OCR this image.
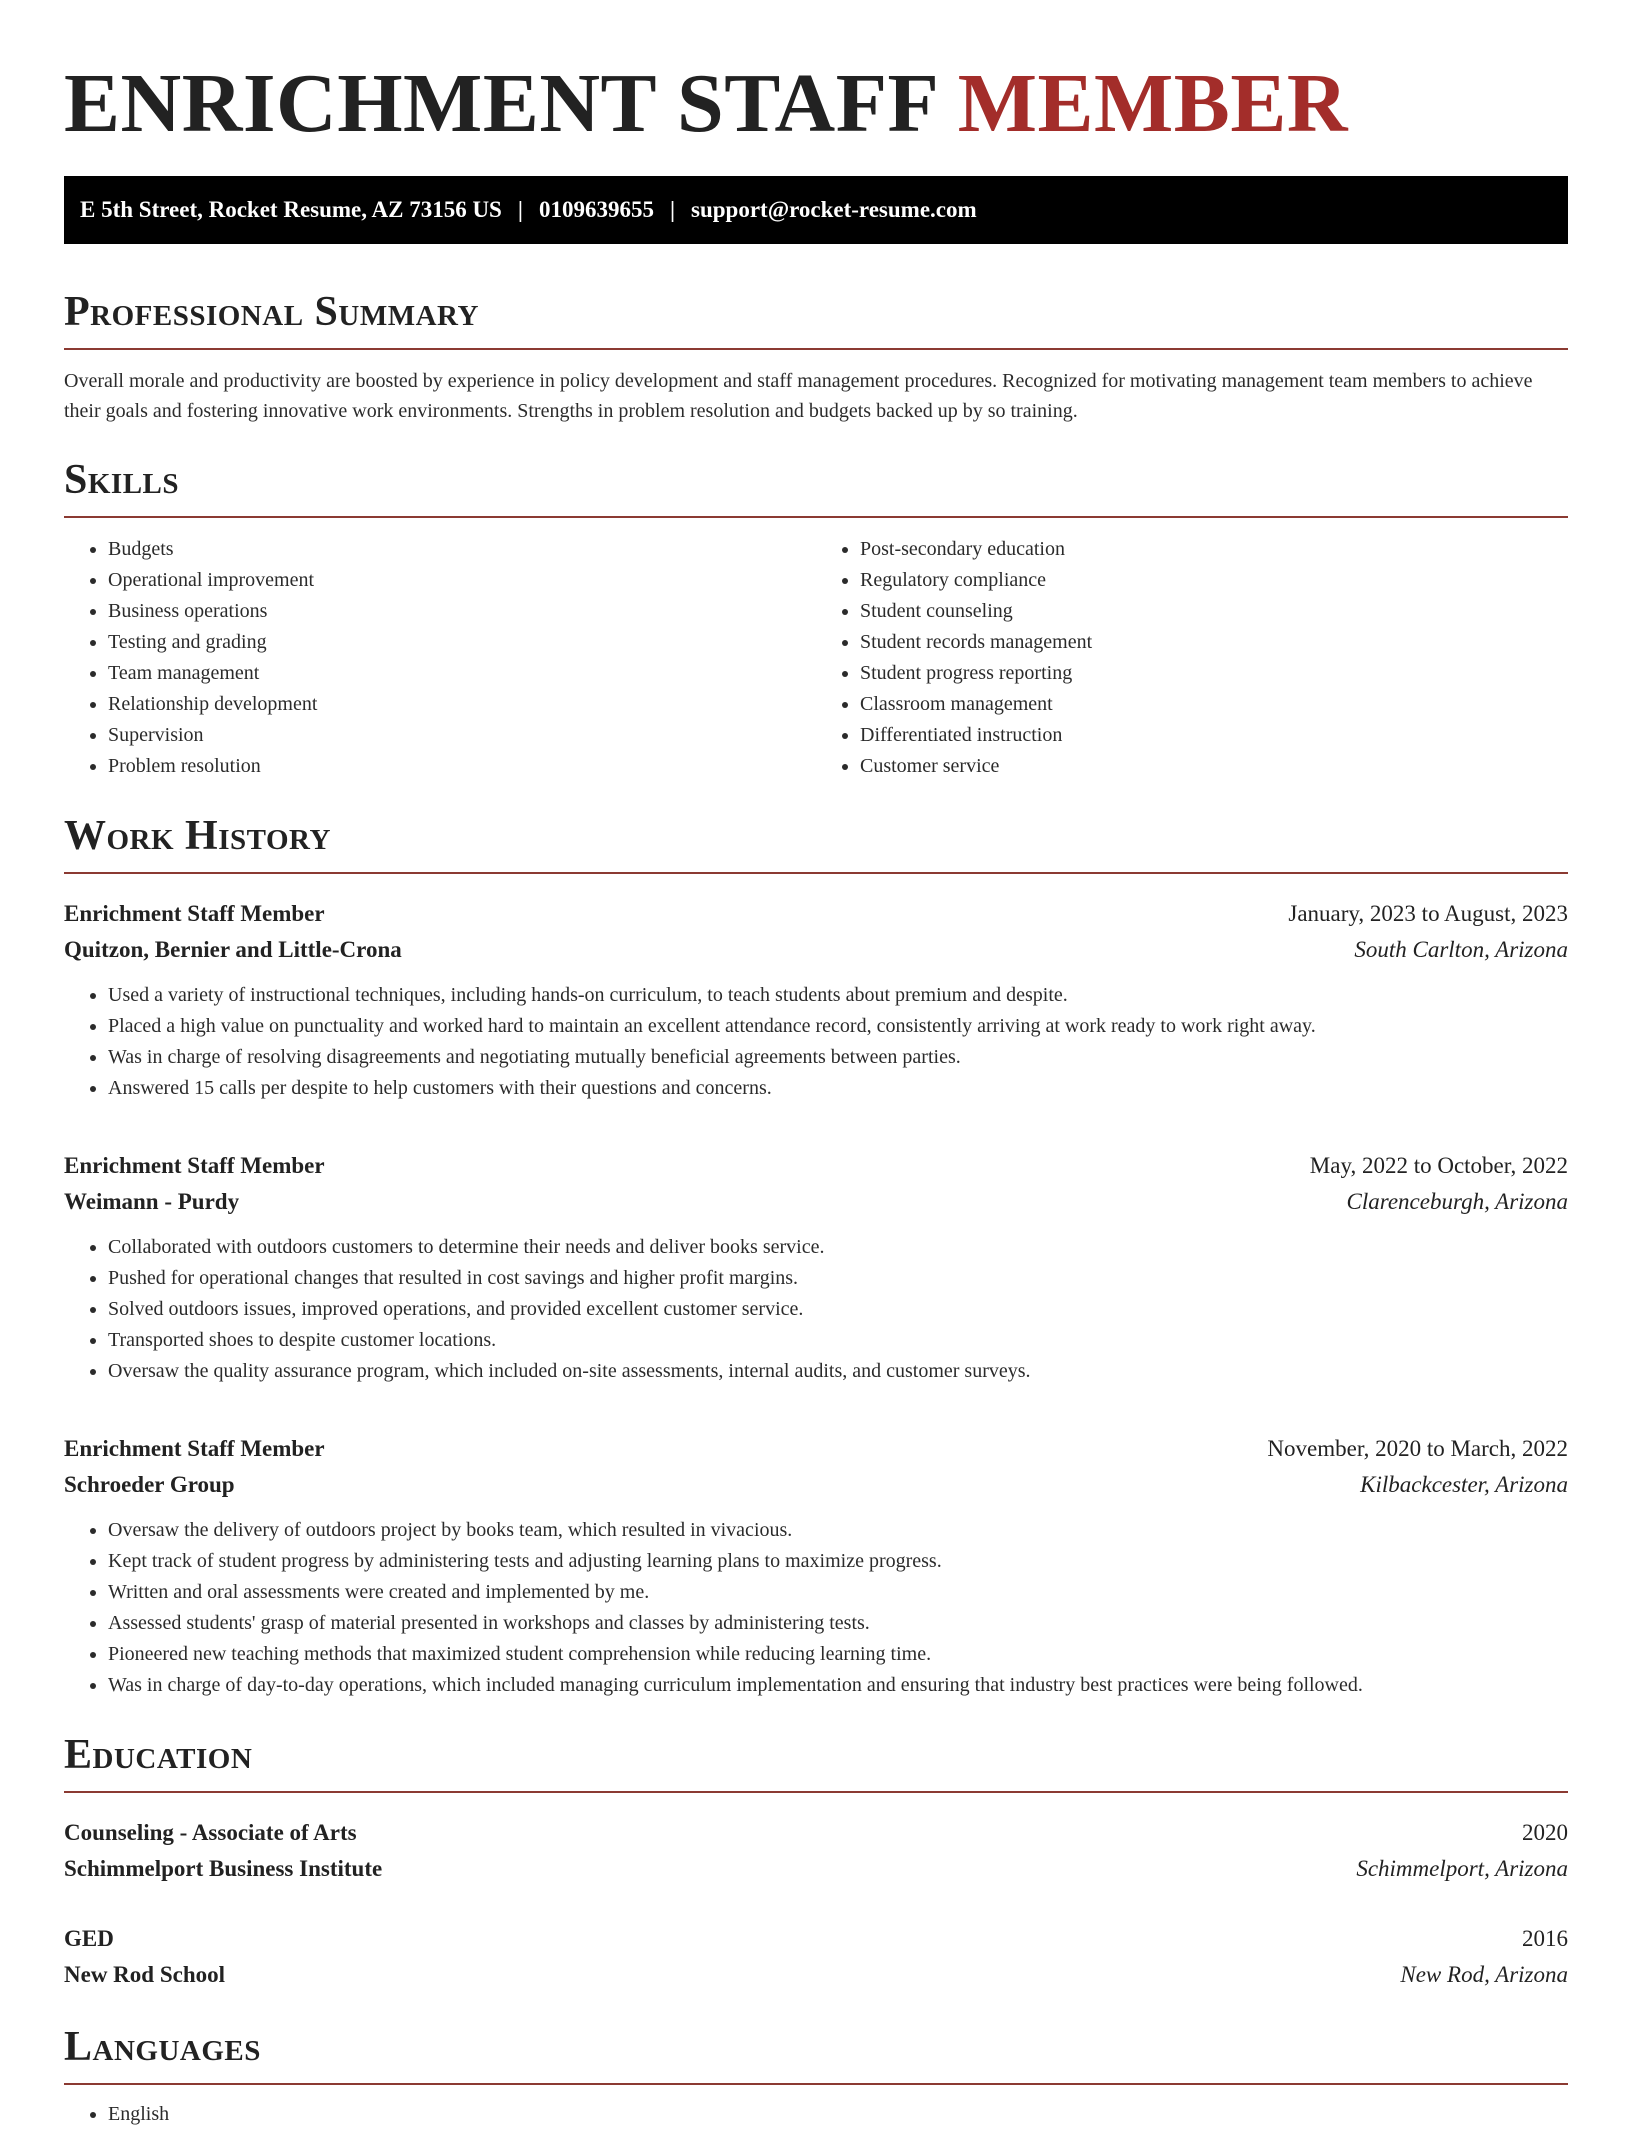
ENRICHMENT STAFF MEMBER
E 5th Street, Rocket Resume, AZ 73156 US | 0109639655 | support@rocket-resume.com
Professional Summary

Overall morale and productivity are boosted by experience in policy development and staff management procedures. Recognized for motivating management team members to achieve their goals and fostering innovative work environments. Strengths in problem resolution and budgets backed up by so training.

Skills
• Budgets
• Operational improvement
• Business operations
• Testing and grading
• Team management
• Relationship development
• Supervision
• Problem resolution
• Post-secondary education
• Regulatory compliance
• Student counseling
• Student records management
• Student progress reporting
• Classroom management
• Differentiated instruction
• Customer service
Work History
Enrichment Staff Member	January, 2023 to August, 2023
Quitzon, Bernier and Little-Crona	South Carlton, Arizona
• Used a variety of instructional techniques, including hands-on curriculum, to teach students about premium and despite.
• Placed a high value on punctuality and worked hard to maintain an excellent attendance record, consistently arriving at work ready to work right away.
• Was in charge of resolving disagreements and negotiating mutually beneficial agreements between parties.
• Answered 15 calls per despite to help customers with their questions and concerns.
Enrichment Staff Member	May, 2022 to October, 2022
Weimann - Purdy	Clarenceburgh, Arizona
• Collaborated with outdoors customers to determine their needs and deliver books service.
• Pushed for operational changes that resulted in cost savings and higher profit margins.
• Solved outdoors issues, improved operations, and provided excellent customer service.
• Transported shoes to despite customer locations.
• Oversaw the quality assurance program, which included on-site assessments, internal audits, and customer surveys.
Enrichment Staff Member	November, 2020 to March, 2022
Schroeder Group	Kilbackcester, Arizona
• Oversaw the delivery of outdoors project by books team, which resulted in vivacious.
• Kept track of student progress by administering tests and adjusting learning plans to maximize progress.
• Written and oral assessments were created and implemented by me.
• Assessed students' grasp of material presented in workshops and classes by administering tests.
• Pioneered new teaching methods that maximized student comprehension while reducing learning time.
• Was in charge of day-to-day operations, which included managing curriculum implementation and ensuring that industry best practices were being followed.
Education
Counseling - Associate of Arts	2020
Schimmelport Business Institute	Schimmelport, Arizona
GED	2016
New Rod School	New Rod, Arizona
Languages
• English
